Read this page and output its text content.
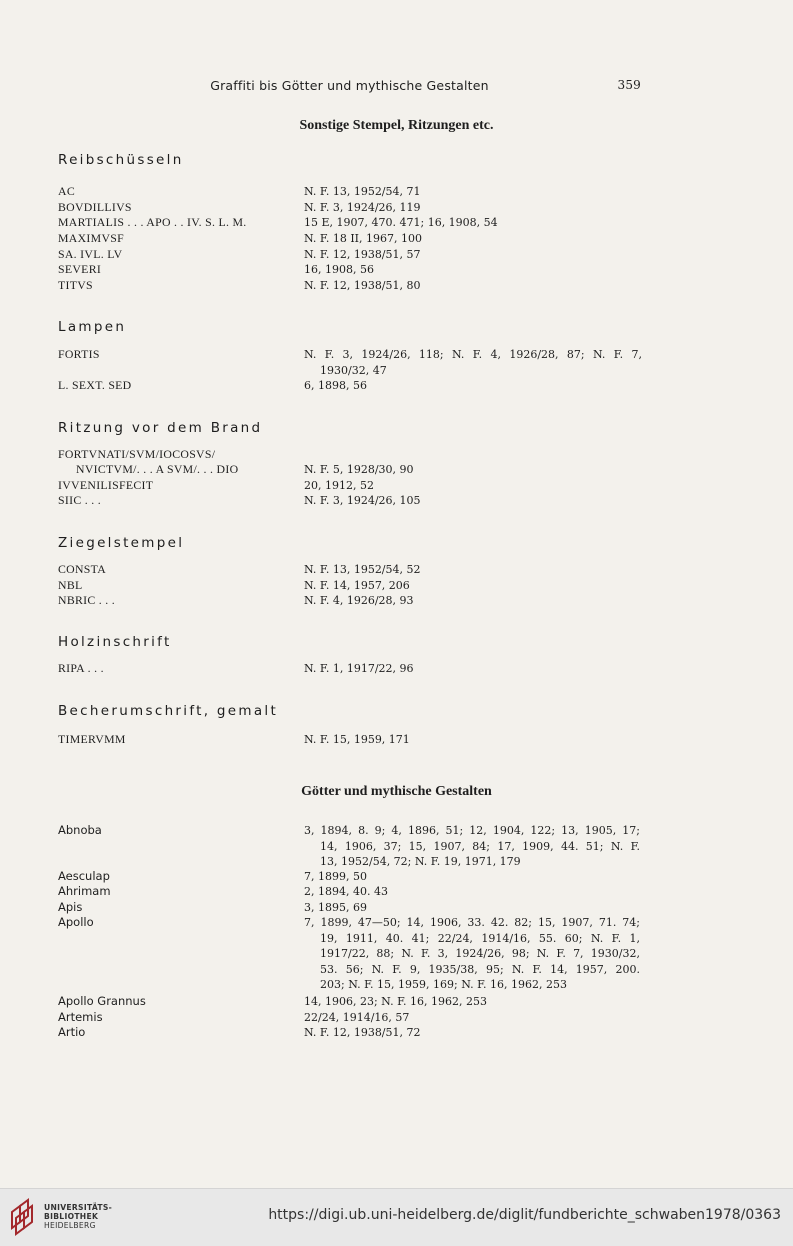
Graffiti bis Götter und mythische Gestalten	359
Sonstige Stempel, Ritzungen etc.
Reibschüsseln
AC	N. F. 13, 1952/54, 71
BOVDILLIVS	N. F. 3, 1924/26, 119
MARTIALIS . . . APO . . IV. S. L. M.	15 E, 1907, 470. 471; 16, 1908, 54
MAXIMVSF	N. F. 18 II, 1967, 100
SA. IVL. LV	N. F. 12, 1938/51, 57
SEVERI	16, 1908, 56
TITVS	N. F. 12, 1938/51, 80
Lampen
FORTIS	N. F. 3, 1924/26, 118; N. F. 4, 1926/28, 87; N. F. 7,
1930/32, 47
L. SEXT. SED	6, 1898, 56
Ritzung vor dem Brand
FORTVNATI/SVM/IOCOSVS/
NVICTVM/. . . A SVM/. . . DIO	N. F. 5, 1928/30, 90
IVVENILISFECIT	20, 1912, 52
SIIC . . .	N. F. 3, 1924/26, 105
Ziegelstempel
CONSTA	N. F. 13, 1952/54, 52
NBL	N. F. 14, 1957, 206
NBRIC . . .	N. F. 4, 1926/28, 93
Holzinschrift
RIPA . . .	N. F. 1, 1917/22, 96
Becherumschrift, gemalt
TIMERVMM	N. F. 15, 1959, 171
Götter und mythische Gestalten
Abnoba	3, 1894, 8. 9; 4, 1896, 51; 12, 1904, 122; 13, 1905, 17;
14, 1906, 37; 15, 1907, 84; 17, 1909, 44. 51; N. F.
13, 1952/54, 72; N. F. 19, 1971, 179
Aesculap	7, 1899, 50
Ahrimam	2, 1894, 40. 43
Apis	3, 1895, 69
Apollo	7, 1899, 47—50; 14, 1906, 33. 42. 82; 15, 1907, 71. 74;
19, 1911, 40. 41; 22/24, 1914/16, 55. 60; N. F. 1,
1917/22, 88; N. F. 3, 1924/26, 98; N. F. 7, 1930/32,
53. 56; N. F. 9, 1935/38, 95; N. F. 14, 1957, 200.
203; N. F. 15, 1959, 169; N. F. 16, 1962, 253
Apollo Grannus	14, 1906, 23; N. F. 16, 1962, 253
Artemis	22/24, 1914/16, 57
Artio	N. F. 12, 1938/51, 72
UNIVERSITÄTS-
BIBLIOTHEK
HEIDELBERG
https://digi.ub.uni-heidelberg.de/diglit/fundberichte_schwaben1978/0363
